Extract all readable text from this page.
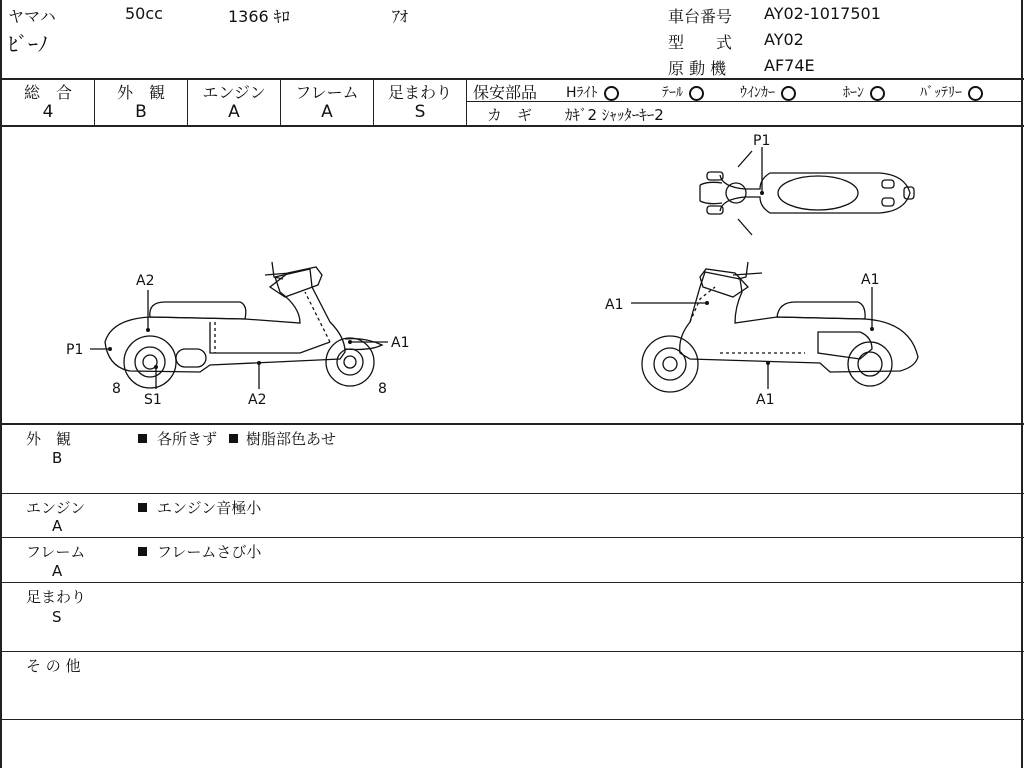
ヤマハ	50cc	1366 ｷﾛ	ｱｵ
ﾋﾞｰﾉ
車台番号 AY02-1017501
型　　式 AY02
原 動 機 AF74E
総　合	外　観	エンジン	フレーム	足まわり
4	B	A	A	S
保安部品 Hﾗｲﾄ	ﾃｰﾙ	ｳｲﾝｶｰ	ﾎｰﾝ	ﾊﾞｯﾃﾘｰ
カ　ギ ｶｷﾞ2 ｼｬｯﾀｰｷｰ2
A2
P1	A1
8
S1	A2
8
P1
A1
A1
A1
外　観
B
各所きず 樹脂部色あせ
エンジン
A
エンジン音極小
フレーム
A
フレームさび小
足まわり
S
そ の 他
